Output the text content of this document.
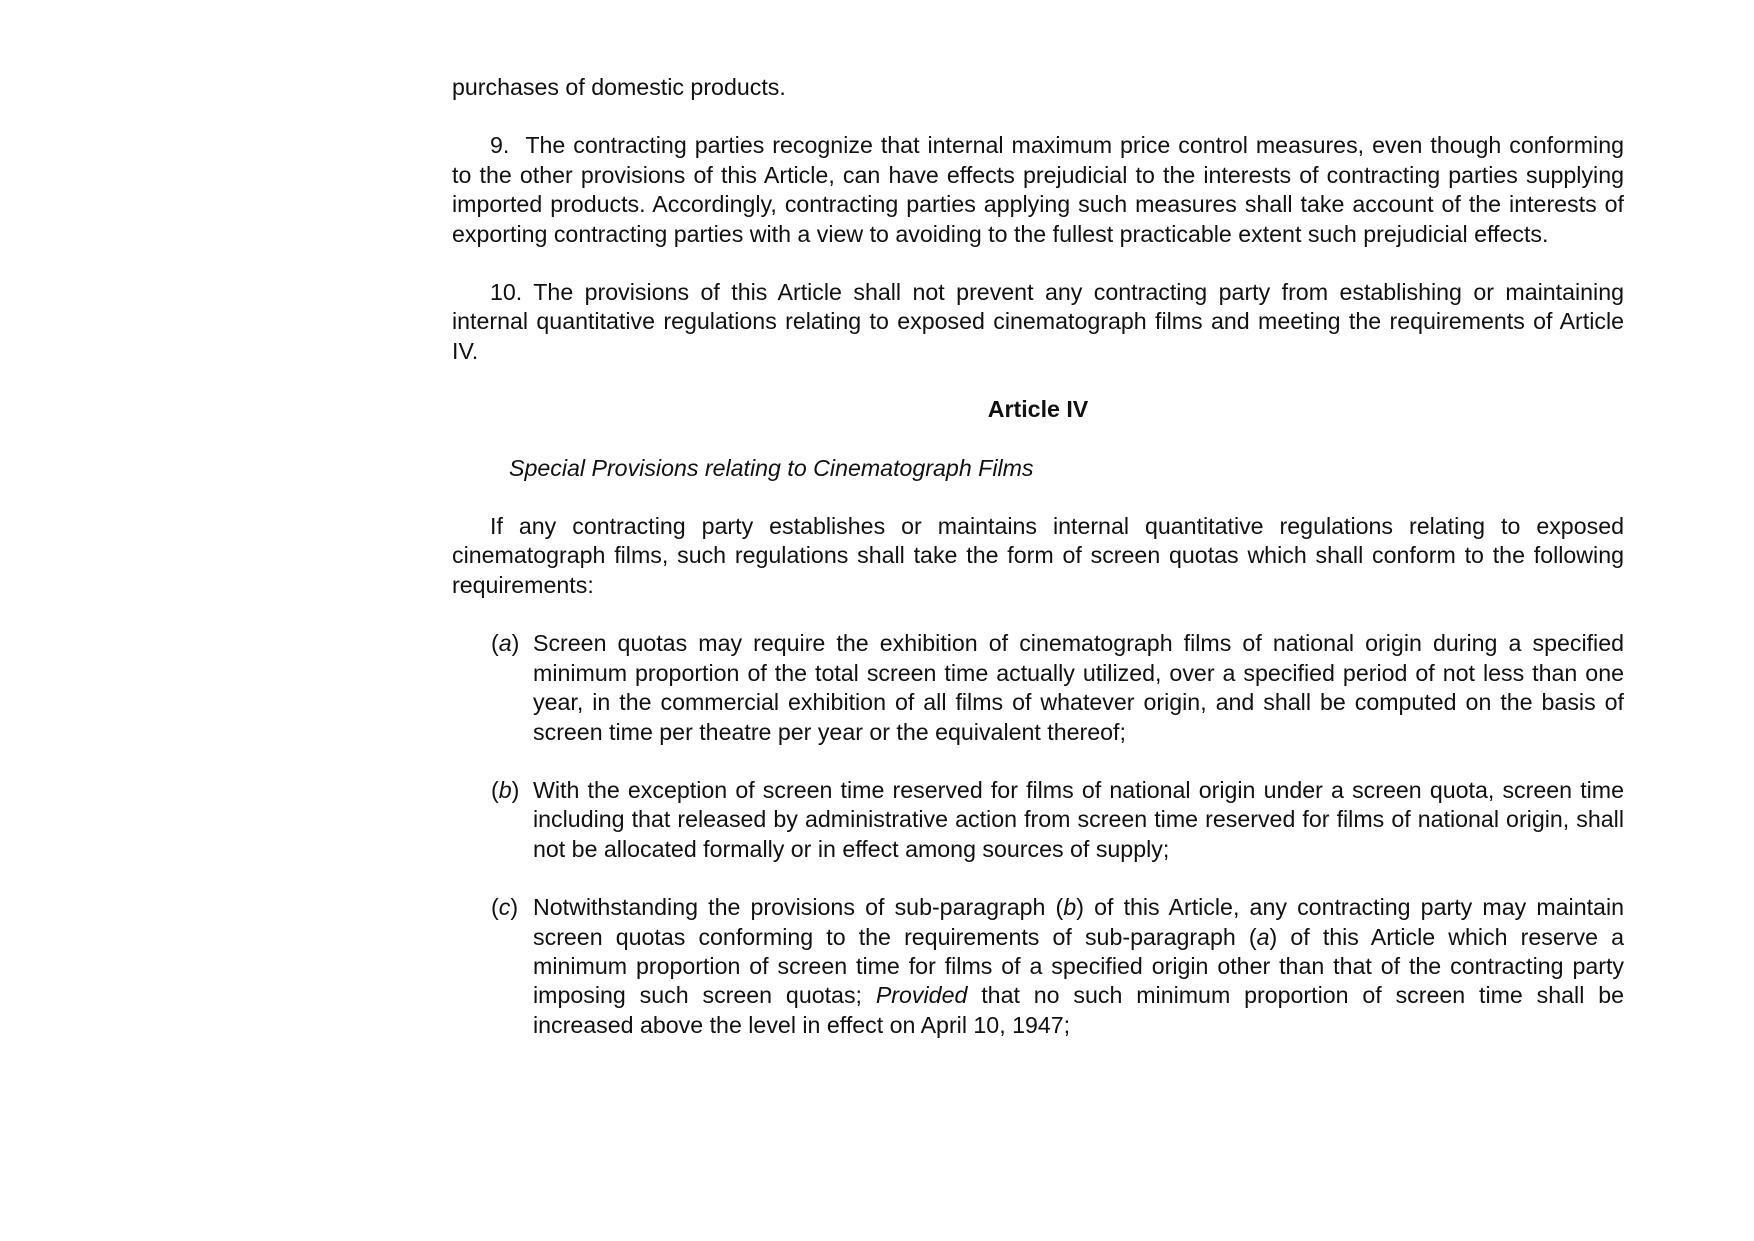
purchases of domestic products.
9. The contracting parties recognize that internal maximum price control measures, even though conforming to the other provisions of this Article, can have effects prejudicial to the interests of contracting parties supplying imported products. Accordingly, contracting parties applying such measures shall take account of the interests of exporting contracting parties with a view to avoiding to the fullest practicable extent such prejudicial effects.
10. The provisions of this Article shall not prevent any contracting party from establishing or maintaining internal quantitative regulations relating to exposed cinematograph films and meeting the requirements of Article IV.
Article IV
Special Provisions relating to Cinematograph Films
If any contracting party establishes or maintains internal quantitative regulations relating to exposed cinematograph films, such regulations shall take the form of screen quotas which shall conform to the following requirements:
(a) Screen quotas may require the exhibition of cinematograph films of national origin during a specified minimum proportion of the total screen time actually utilized, over a specified period of not less than one year, in the commercial exhibition of all films of whatever origin, and shall be computed on the basis of screen time per theatre per year or the equivalent thereof;
(b) With the exception of screen time reserved for films of national origin under a screen quota, screen time including that released by administrative action from screen time reserved for films of national origin, shall not be allocated formally or in effect among sources of supply;
(c) Notwithstanding the provisions of sub-paragraph (b) of this Article, any contracting party may maintain screen quotas conforming to the requirements of sub-paragraph (a) of this Article which reserve a minimum proportion of screen time for films of a specified origin other than that of the contracting party imposing such screen quotas; Provided that no such minimum proportion of screen time shall be increased above the level in effect on April 10, 1947;
